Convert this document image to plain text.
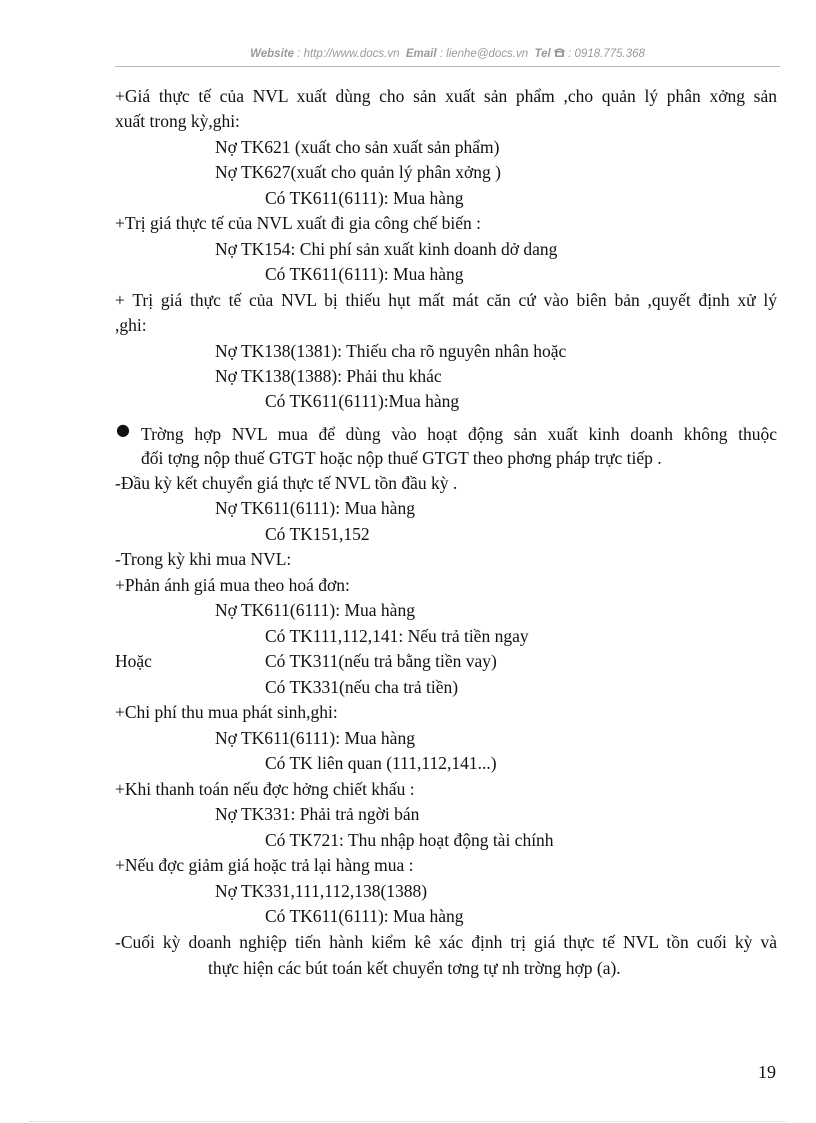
Website : http://www.docs.vn Email : lienhe@docs.vn Tel : 0918.775.368
+Giá thực tế của NVL xuất dùng cho sản xuất sản phẩm ,cho quản lý phân xởng sản
xuất trong kỳ,ghi:
Nợ TK621 (xuất cho sản xuất sản phẩm)
Nợ TK627(xuất cho quản lý phân xởng )
Có TK611(6111): Mua hàng
+Trị giá thực tế của NVL xuất đi gia công chế biến :
Nợ TK154: Chi phí sản xuất kinh doanh dở dang
Có TK611(6111): Mua hàng
+ Trị giá thực tế của NVL bị thiếu hụt mất mát căn cứ vào biên bản ,quyết định xử lý
,ghi:
Nợ TK138(1381): Thiếu cha rõ nguyên nhân hoặc
Nợ TK138(1388): Phải thu khác
Có TK611(6111):Mua hàng
● Trờng hợp NVL mua để dùng vào hoạt động sản xuất kinh doanh không thuộc
đối tợng nộp thuế GTGT hoặc nộp thuế GTGT theo phơng pháp trực tiếp .
-Đầu kỳ kết chuyển giá thực tế NVL tồn đầu kỳ .
Nợ TK611(6111): Mua hàng
Có TK151,152
-Trong kỳ khi mua NVL:
+Phản ánh giá mua theo hoá đơn:
Nợ TK611(6111): Mua hàng
Có TK111,112,141: Nếu trả tiền ngay
Hoặc	Có TK311(nếu trả bằng tiền vay)
Có TK331(nếu cha trả tiền)
+Chi phí thu mua phát sinh,ghi:
Nợ TK611(6111): Mua hàng
Có TK liên quan (111,112,141...)
+Khi thanh toán nếu đợc hởng chiết khấu :
Nợ TK331: Phải trả ngời bán
Có TK721: Thu nhập hoạt động tài chính
+Nếu đợc giảm giá hoặc trả lại hàng mua :
Nợ TK331,111,112,138(1388)
Có TK611(6111): Mua hàng
-Cuối kỳ doanh nghiệp tiến hành kiểm kê xác định trị giá thực tế NVL tồn cuối kỳ và
thực hiện các bút toán kết chuyển tơng tự nh trờng hợp (a).
19
